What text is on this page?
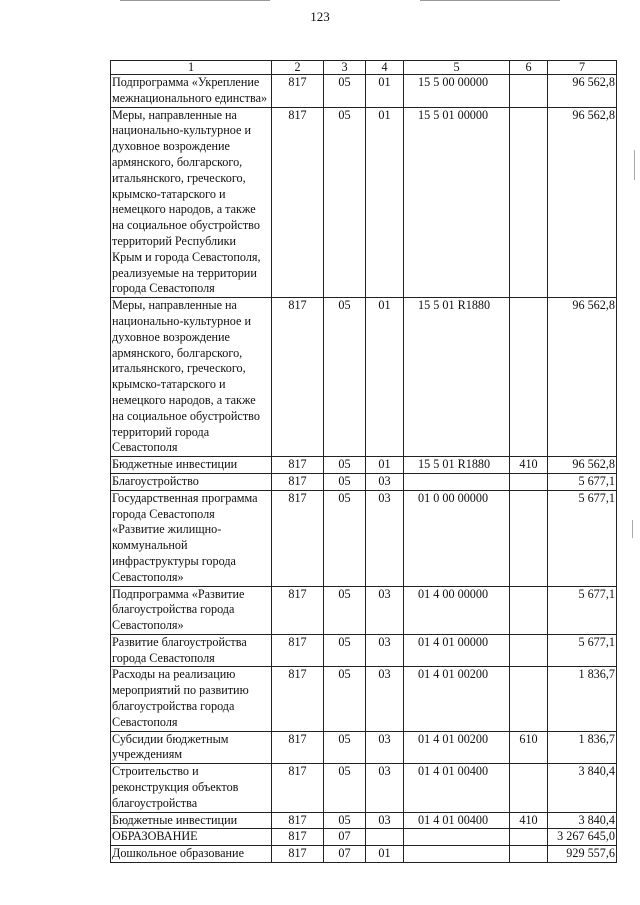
123
1	2	3	4	5	6	7
Подпрограмма «Укрепление межнационального единства»	817	05	01	15 5 00 00000		96 562,8
Меры, направленные на национально-культурное и духовное возрождение армянского, болгарского, итальянского, греческого, крымско-татарского и немецкого народов, а также на социальное обустройство территорий Республики Крым и города Севастополя, реализуемые на территории города Севастополя	817	05	01	15 5 01 00000		96 562,8
Меры, направленные на национально-культурное и духовное возрождение армянского, болгарского, итальянского, греческого, крымско-татарского и немецкого народов, а также на социальное обустройство территорий города Севастополя	817	05	01	15 5 01 R1880		96 562,8
Бюджетные инвестиции	817	05	01	15 5 01 R1880	410	96 562,8
Благоустройство	817	05	03			5 677,1
Государственная программа города Севастополя «Развитие жилищно-коммунальной инфраструктуры города Севастополя»	817	05	03	01 0 00 00000		5 677,1
Подпрограмма «Развитие благоустройства города Севастополя»	817	05	03	01 4 00 00000		5 677,1
Развитие благоустройства города Севастополя	817	05	03	01 4 01 00000		5 677,1
Расходы на реализацию мероприятий по развитию благоустройства города Севастополя	817	05	03	01 4 01 00200		1 836,7
Субсидии бюджетным учреждениям	817	05	03	01 4 01 00200	610	1 836,7
Строительство и реконструкция объектов благоустройства	817	05	03	01 4 01 00400		3 840,4
Бюджетные инвестиции	817	05	03	01 4 01 00400	410	3 840,4
ОБРАЗОВАНИЕ	817	07				3 267 645,0
Дошкольное образование	817	07	01			929 557,6
